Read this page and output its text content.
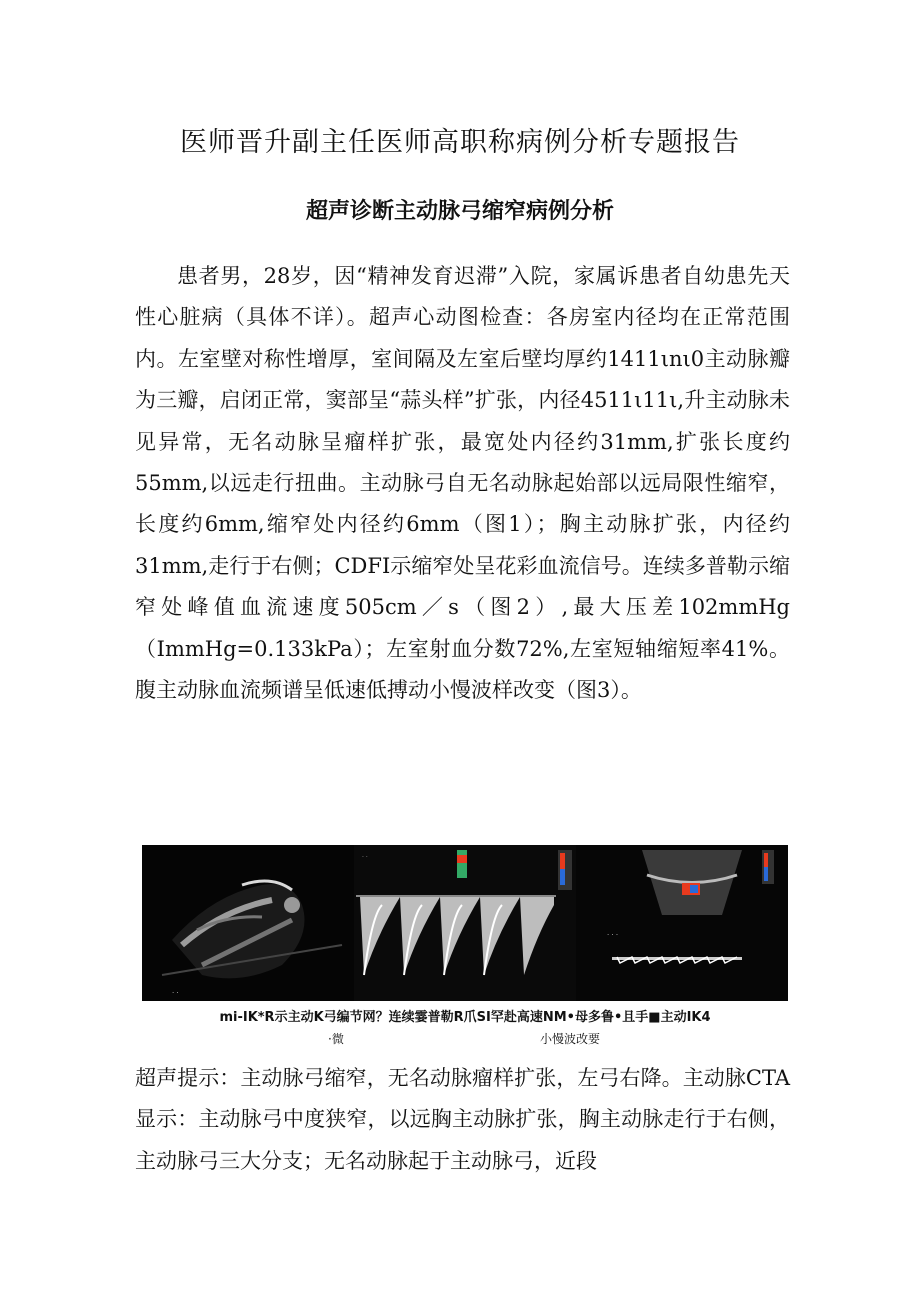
医师晋升副主任医师高职称病例分析专题报告
超声诊断主动脉弓缩窄病例分析

患者男，28岁，因“精神发育迟滞”入院，家属诉患者自幼患先天性心脏病（具体不详）。超声心动图检查：各房室内径均在正常范围内。左室壁对称性增厚，室间隔及左室后壁均厚约1411ιnι0主动脉瓣为三瓣，启闭正常，窦部呈“蒜头样”扩张，内径4511ι11ι,升主动脉未见异常，无名动脉呈瘤样扩张，最宽处内径约31mm,扩张长度约55mm,以远走行扭曲。主动脉弓自无名动脉起始部以远局限性缩窄，长度约6mm,缩窄处内径约6mm（图1）；胸主动脉扩张，内径约31mm,走行于右侧；CDFI示缩窄处呈花彩血流信号。连续多普勒示缩窄处峰值血流速度505cm／s（图2）,最大压差102mmHg（ImmHg=0.133kPa）；左室射血分数72%,左室短轴缩短率41%。腹主动脉血流频谱呈低速低搏动小慢波样改变（图3）。

· ·
· ·
· · ·
mi-IK*R示主动K弓编节网？连续霎普勒R爪SI罕赴高速NM•母多鲁•且手■主动IK4
·微	小慢波改要

超声提示：主动脉弓缩窄，无名动脉瘤样扩张，左弓右降。主动脉CTA显示：主动脉弓中度狭窄，以远胸主动脉扩张，胸主动脉走行于右侧，主动脉弓三大分支；无名动脉起于主动脉弓，近段
